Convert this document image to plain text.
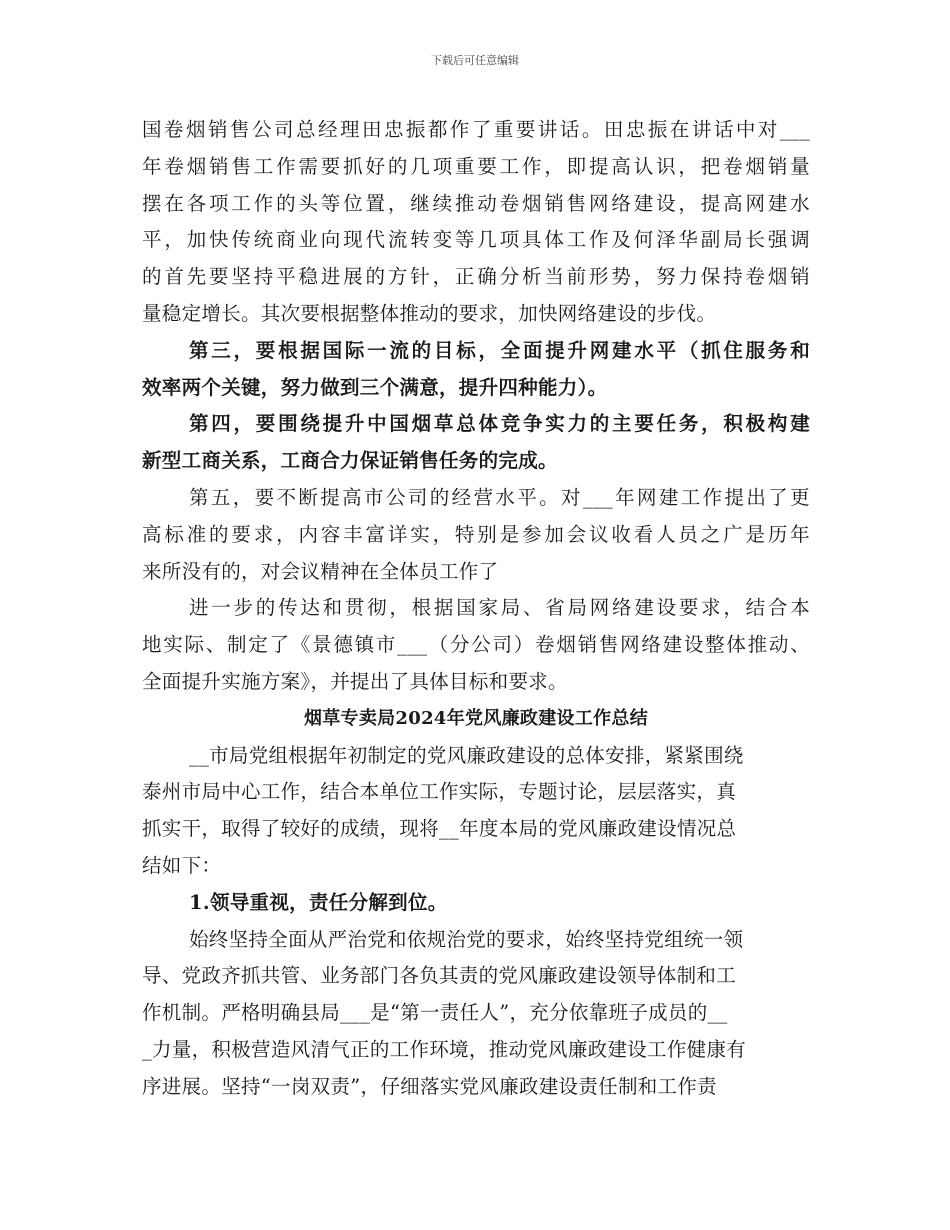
下载后可任意编辑
国卷烟销售公司总经理田忠振都作了重要讲话。田忠振在讲话中对___
年卷烟销售工作需要抓好的几项重要工作，即提高认识，把卷烟销量
摆在各项工作的头等位置，继续推动卷烟销售网络建设，提高网建水
平，加快传统商业向现代流转变等几项具体工作及何泽华副局长强调
的首先要坚持平稳进展的方针，正确分析当前形势，努力保持卷烟销
量稳定增长。其次要根据整体推动的要求，加快网络建设的步伐。
第三，要根据国际一流的目标，全面提升网建水平（抓住服务和
效率两个关键，努力做到三个满意，提升四种能力）。
第四，要围绕提升中国烟草总体竞争实力的主要任务，积极构建
新型工商关系，工商合力保证销售任务的完成。
第五，要不断提高市公司的经营水平。对___年网建工作提出了更
高标准的要求，内容丰富详实，特别是参加会议收看人员之广是历年
来所没有的，对会议精神在全体员工作了
进一步的传达和贯彻，根据国家局、省局网络建设要求，结合本
地实际、制定了《景德镇市___（分公司）卷烟销售网络建设整体推动、
全面提升实施方案》，并提出了具体目标和要求。
烟草专卖局2024年党风廉政建设工作总结
__市局党组根据年初制定的党风廉政建设的总体安排，紧紧围绕
泰州市局中心工作，结合本单位工作实际，专题讨论，层层落实，真
抓实干，取得了较好的成绩，现将__年度本局的党风廉政建设情况总
结如下：
1.领导重视，责任分解到位。
始终坚持全面从严治党和依规治党的要求，始终坚持党组统一领
导、党政齐抓共管、业务部门各负其责的党风廉政建设领导体制和工
作机制。严格明确县局___是“第一责任人”，充分依靠班子成员的__
_力量，积极营造风清气正的工作环境，推动党风廉政建设工作健康有
序进展。坚持“一岗双责”，仔细落实党风廉政建设责任制和工作责
